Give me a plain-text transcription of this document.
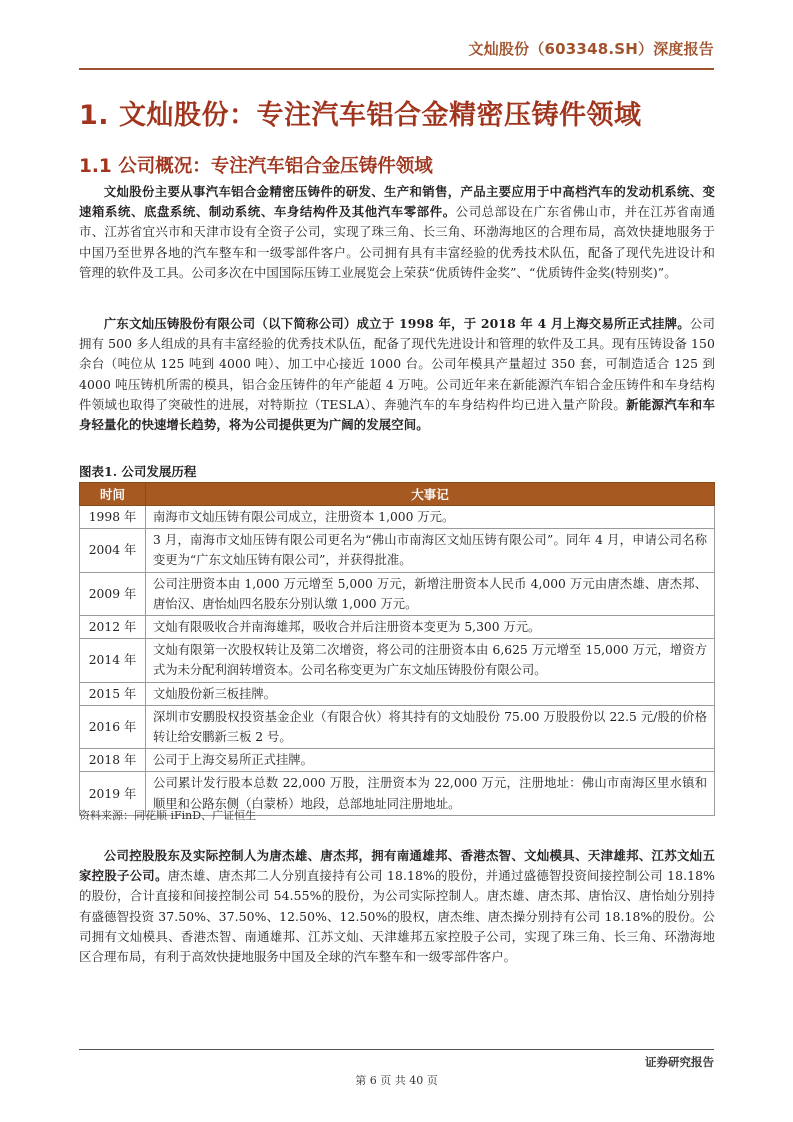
文灿股份（603348.SH）深度报告
1. 文灿股份：专注汽车铝合金精密压铸件领域
1.1 公司概况：专注汽车铝合金压铸件领域

文灿股份主要从事汽车铝合金精密压铸件的研发、生产和销售，产品主要应用于中高档汽车的发动机系统、变速箱系统、底盘系统、制动系统、车身结构件及其他汽车零部件。公司总部设在广东省佛山市，并在江苏省南通市、江苏省宜兴市和天津市设有全资子公司，实现了珠三角、长三角、环渤海地区的合理布局，高效快捷地服务于中国乃至世界各地的汽车整车和一级零部件客户。公司拥有具有丰富经验的优秀技术队伍，配备了现代先进设计和管理的软件及工具。公司多次在中国国际压铸工业展览会上荣获“优质铸件金奖”、“优质铸件金奖(特别奖)”。

广东文灿压铸股份有限公司（以下简称公司）成立于 1998 年，于 2018 年 4 月上海交易所正式挂牌。公司拥有 500 多人组成的具有丰富经验的优秀技术队伍，配备了现代先进设计和管理的软件及工具。现有压铸设备 150 余台（吨位从 125 吨到 4000 吨）、加工中心接近 1000 台。公司年模具产量超过 350 套，可制造适合 125 到 4000 吨压铸机所需的模具，铝合金压铸件的年产能超 4 万吨。公司近年来在新能源汽车铝合金压铸件和车身结构件领域也取得了突破性的进展，对特斯拉（TESLA）、奔驰汽车的车身结构件均已进入量产阶段。新能源汽车和车身轻量化的快速增长趋势，将为公司提供更为广阔的发展空间。

图表1. 公司发展历程
时间	大事记
1998 年	南海市文灿压铸有限公司成立，注册资本 1,000 万元。
2004 年	3 月，南海市文灿压铸有限公司更名为“佛山市南海区文灿压铸有限公司”。同年 4 月，申请公司名称变更为“广东文灿压铸有限公司”，并获得批准。
2009 年	公司注册资本由 1,000 万元增至 5,000 万元，新增注册资本人民币 4,000 万元由唐杰雄、唐杰邦、唐怡汉、唐怡灿四名股东分别认缴 1,000 万元。
2012 年	文灿有限吸收合并南海雄邦，吸收合并后注册资本变更为 5,300 万元。
2014 年	文灿有限第一次股权转让及第二次增资，将公司的注册资本由 6,625 万元增至 15,000 万元，增资方式为未分配利润转增资本。公司名称变更为广东文灿压铸股份有限公司。
2015 年	文灿股份新三板挂牌。
2016 年	深圳市安鹏股权投资基金企业（有限合伙）将其持有的文灿股份 75.00 万股股份以 22.5 元/股的价格转让给安鹏新三板 2 号。
2018 年	公司于上海交易所正式挂牌。
2019 年	公司累计发行股本总数 22,000 万股，注册资本为 22,000 万元，注册地址：佛山市南海区里水镇和顺里和公路东侧（白蒙桥）地段，总部地址同注册地址。
资料来源：同花顺 iFinD、广证恒生

公司控股股东及实际控制人为唐杰雄、唐杰邦，拥有南通雄邦、香港杰智、文灿模具、天津雄邦、江苏文灿五家控股子公司。唐杰雄、唐杰邦二人分别直接持有公司 18.18%的股份，并通过盛德智投资间接控制公司 18.18%的股份，合计直接和间接控制公司 54.55%的股份，为公司实际控制人。唐杰雄、唐杰邦、唐怡汉、唐怡灿分别持有盛德智投资 37.50%、37.50%、12.50%、12.50%的股权，唐杰维、唐杰操分别持有公司 18.18%的股份。公司拥有文灿模具、香港杰智、南通雄邦、江苏文灿、天津雄邦五家控股子公司，实现了珠三角、长三角、环渤海地区合理布局，有利于高效快捷地服务中国及全球的汽车整车和一级零部件客户。

证券研究报告
第 6 页 共 40 页
